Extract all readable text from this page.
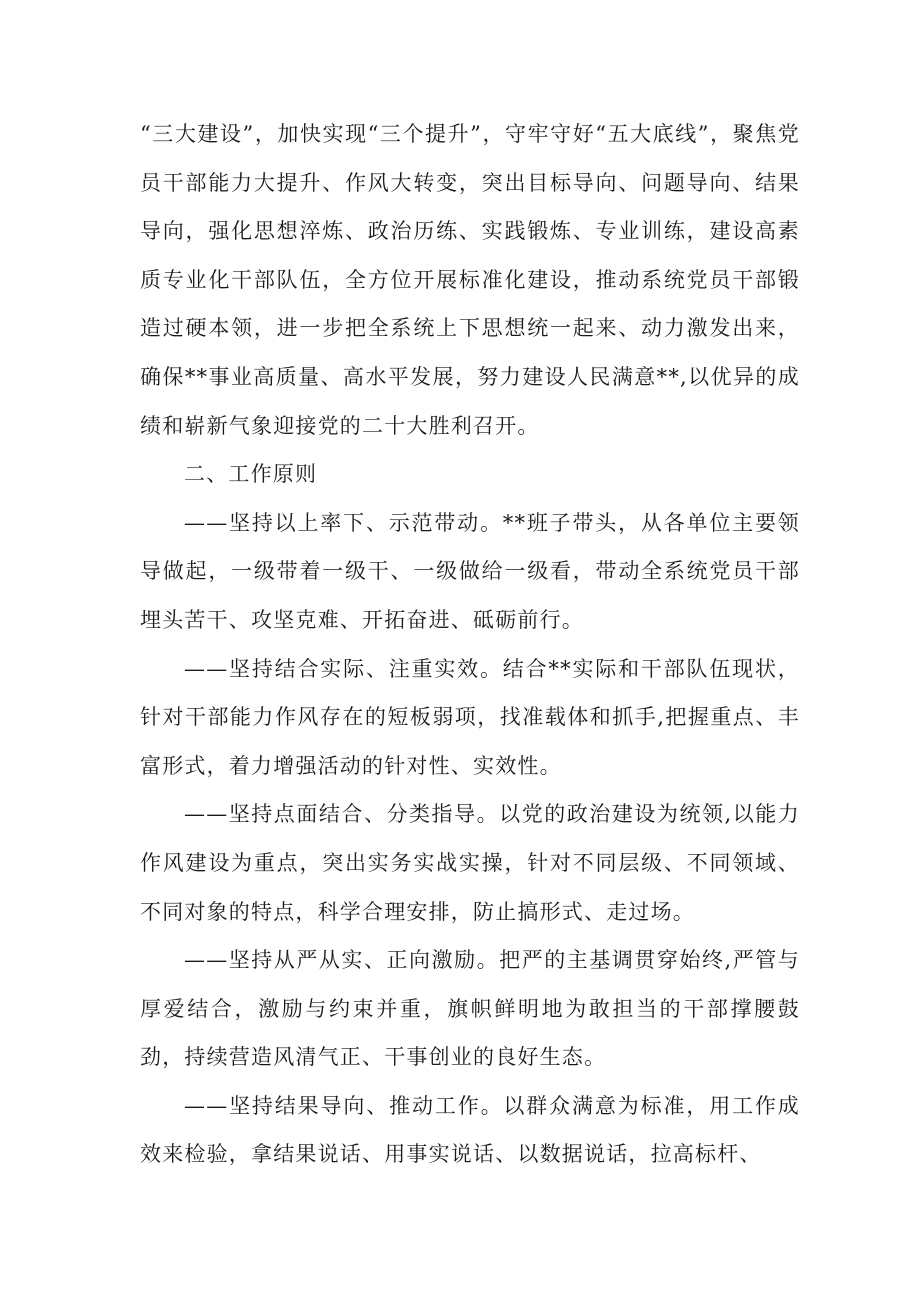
“三大建设”，加快实现“三个提升”，守牢守好“五大底线”，聚焦党员干部能力大提升、作风大转变，突出目标导向、问题导向、结果导向，强化思想淬炼、政治历练、实践锻炼、专业训练，建设高素质专业化干部队伍，全方位开展标准化建设，推动系统党员干部锻造过硬本领，进一步把全系统上下思想统一起来、动力激发出来，确保**事业高质量、高水平发展，努力建设人民满意**,以优异的成绩和崭新气象迎接党的二十大胜利召开。

二、工作原则

——坚持以上率下、示范带动。**班子带头，从各单位主要领导做起，一级带着一级干、一级做给一级看，带动全系统党员干部埋头苦干、攻坚克难、开拓奋进、砥砺前行。

——坚持结合实际、注重实效。结合**实际和干部队伍现状，针对干部能力作风存在的短板弱项，找准载体和抓手,把握重点、丰富形式，着力增强活动的针对性、实效性。

——坚持点面结合、分类指导。以党的政治建设为统领,以能力作风建设为重点，突出实务实战实操，针对不同层级、不同领域、不同对象的特点，科学合理安排，防止搞形式、走过场。

——坚持从严从实、正向激励。把严的主基调贯穿始终,严管与厚爱结合，激励与约束并重，旗帜鲜明地为敢担当的干部撑腰鼓劲，持续营造风清气正、干事创业的良好生态。

——坚持结果导向、推动工作。以群众满意为标准，用工作成效来检验，拿结果说话、用事实说话、以数据说话，拉高标杆、
